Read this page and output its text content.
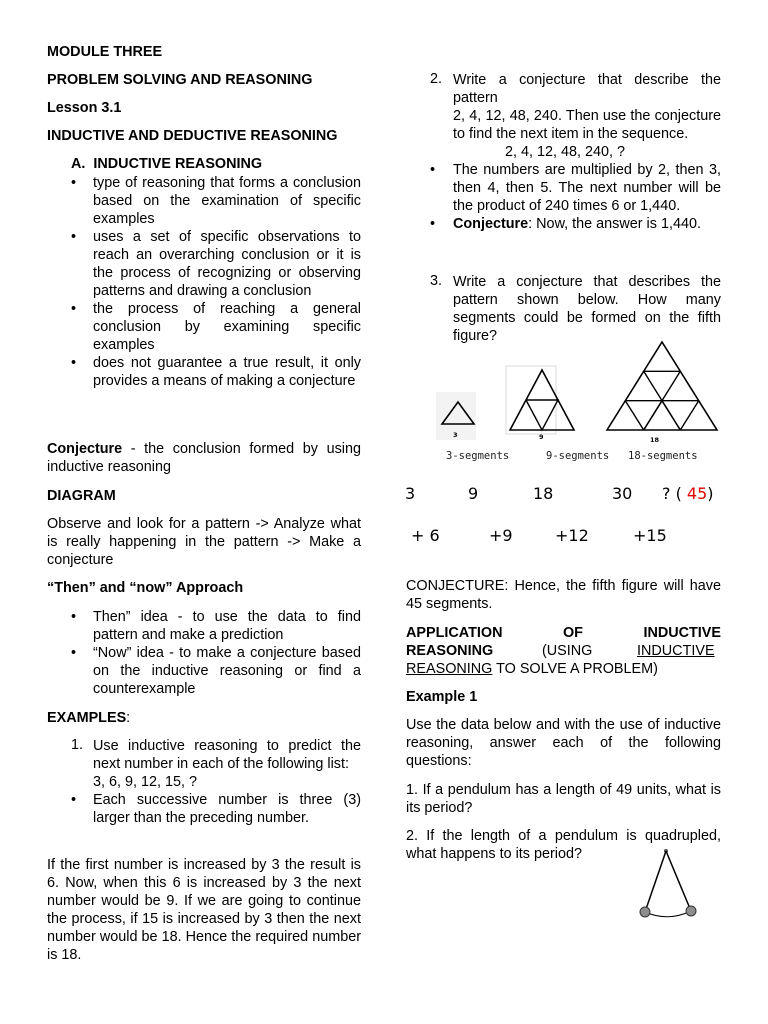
MODULE THREE

PROBLEM SOLVING AND REASONING

Lesson 3.1

INDUCTIVE AND DEDUCTIVE REASONING

A.  INDUCTIVE REASONING

• type of reasoning that forms a conclusion based on the examination of specific examples
• uses a set of specific observations to reach an overarching conclusion or it is the process of recognizing or observing patterns and drawing a conclusion
• the process of reaching a general conclusion by examining specific examples
• does not guarantee a true result, it only provides a means of making a conjecture

Conjecture - the conclusion formed by using inductive reasoning

DIAGRAM

Observe and look for a pattern -> Analyze what is really happening in the pattern -> Make a conjecture

“Then” and “now” Approach

• Then” idea - to use the data to find pattern and make a prediction
• “Now” idea - to make a conjecture based on the inductive reasoning or find a counterexample

EXAMPLES:

1. Use inductive reasoning to predict the next number in each of the following list:
3, 6, 9, 12, 15, ?
• Each successive number is three (3) larger than the preceding number.

If the first number is increased by 3 the result is 6. Now, when this 6 is increased by 3 the next number would be 9. If we are going to continue the process, if 15 is increased by 3 then the next number would be 18. Hence the required number is 18.

2. Write a conjecture that describe the pattern
2, 4, 12, 48, 240. Then use the conjecture to find the next item in the sequence.
2, 4, 12, 48, 240, ?
• The numbers are multiplied by 2, then 3, then 4, then 5. The next number will be the product of 240 times 6 or 1,440.
• Conjecture: Now, the answer is 1,440.
3. Write a conjecture that describes the pattern shown below. How many segments could be formed on the fifth figure?

CONJECTURE: Hence, the fifth figure will have 45 segments.

APPLICATION	OF	INDUCTIVE

REASONING	(USING	INDUCTIVE

REASONING TO SOLVE A PROBLEM)

Example 1

Use the data below and with the use of inductive reasoning, answer each of the following questions:

1. If a pendulum has a length of 49 units, what is its period?

2. If the length of a pendulum is quadrupled, what happens to its period?

3	9	18
3-segments	9-segments 18-segments
3	9	18	30 ? ( 45)
+ 6	+9	+12	+15
